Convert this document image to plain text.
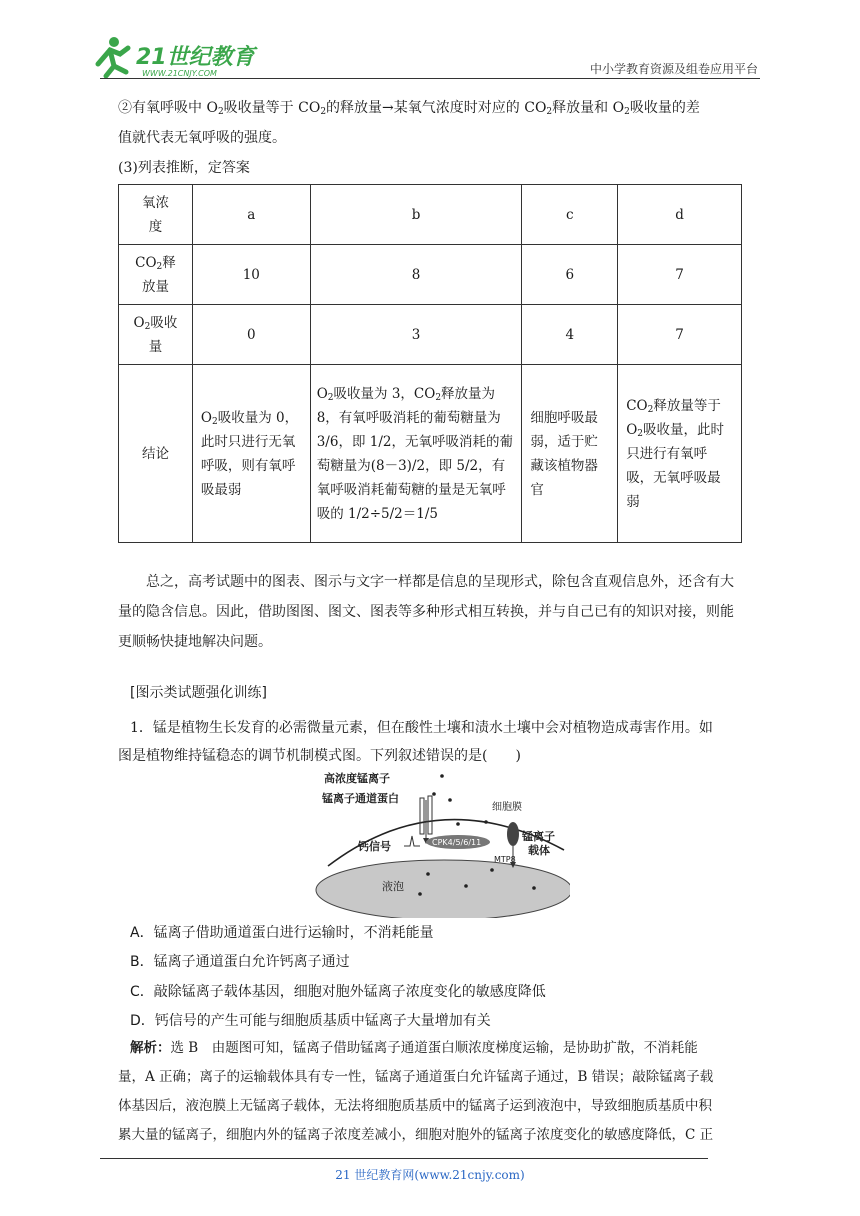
21世纪教育
WWW.21CNJY.COM	中小学教育资源及组卷应用平台
②有氧呼吸中 $O_2$吸收量等于 $CO_2$的释放量→某氧气浓度时对应的 $CO_2$释放量和 $O_2$吸收量的差
值就代表无氧呼吸的强度。
(3)列表推断，定答案
氧浓度	a	b	c	d
$CO_2$释放量	10	8	6	7
$O_2$吸收量	0	3	4	7
结论	$O_2$吸收量为 0，此时只进行无氧呼吸，则有氧呼吸最弱	$O_2$吸收量为 3，$CO_2$释放量为8，有氧呼吸消耗的葡萄糖量为3/6，即 1/2，无氧呼吸消耗的葡萄糖量为(8－3)/2，即 5/2，有氧呼吸消耗葡萄糖的量是无氧呼吸的 1/2÷5/2＝1/5	细胞呼吸最弱，适于贮藏该植物器官	$CO_2$释放量等于$O_2$吸收量，此时只进行有氧呼吸，无氧呼吸最弱
总之，高考试题中的图表、图示与文字一样都是信息的呈现形式，除包含直观信息外，还含有大
量的隐含信息。因此，借助图图、图文、图表等多种形式相互转换，并与自己已有的知识对接，则能
更顺畅快捷地解决问题。
[图示类试题强化训练]
1．锰是植物生长发育的必需微量元素，但在酸性土壤和渍水土壤中会对植物造成毒害作用。如
图是植物维持锰稳态的调节机制模式图。下列叙述错误的是(　　)
高浓度锰离子
锰离子通道蛋白
细胞膜
钙信号	CPK4/5/6/11	锰离子
载体
MTP8
液泡
A．锰离子借助通道蛋白进行运输时，不消耗能量
B．锰离子通道蛋白允许钙离子通过
C．敲除锰离子载体基因，细胞对胞外锰离子浓度变化的敏感度降低
D．钙信号的产生可能与细胞质基质中锰离子大量增加有关
解析：选 B　由题图可知，锰离子借助锰离子通道蛋白顺浓度梯度运输，是协助扩散，不消耗能
量，A 正确；离子的运输载体具有专一性，锰离子通道蛋白允许锰离子通过，B 错误；敲除锰离子载
体基因后，液泡膜上无锰离子载体，无法将细胞质基质中的锰离子运到液泡中，导致细胞质基质中积
累大量的锰离子，细胞内外的锰离子浓度差减小，细胞对胞外的锰离子浓度变化的敏感度降低，C 正
21 世纪教育网(www.21cnjy.com)
